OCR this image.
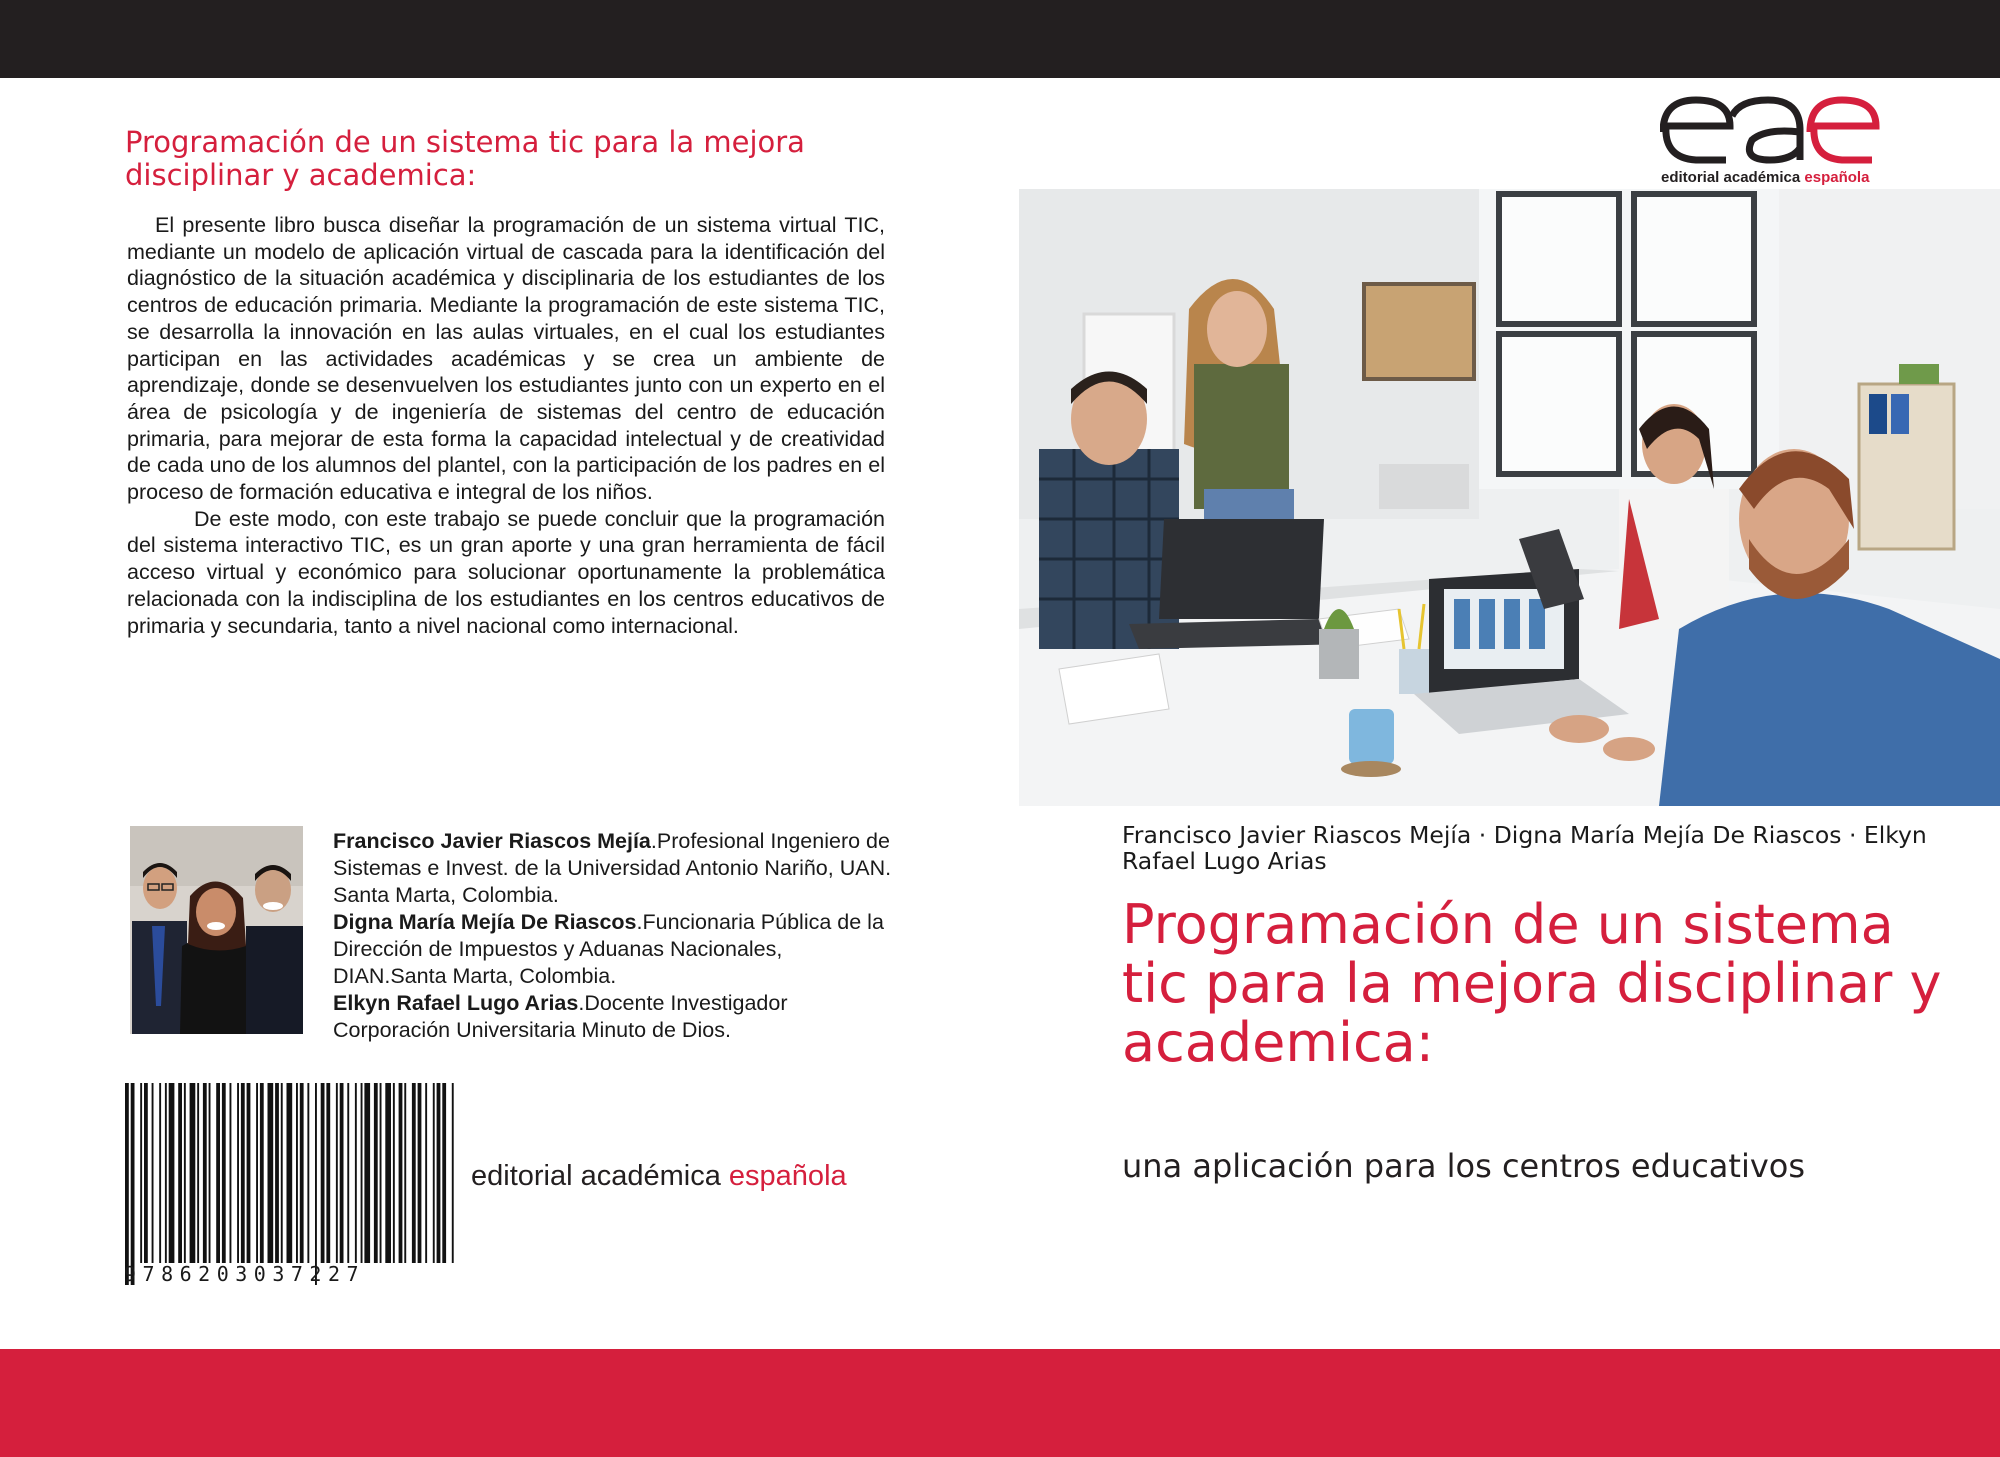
Programación de un sistema tic para la mejora disciplinar y academica:

El presente libro busca diseñar la programación de un sistema virtual TIC, mediante un modelo de aplicación virtual de cascada para la identificación del diagnóstico de la situación académica y disciplinaria de los estudiantes de los centros de educación primaria. Mediante la programación de este sistema TIC, se desarrolla la innovación en las aulas virtuales, en el cual los estudiantes participan en las actividades académicas y se crea un ambiente de aprendizaje, donde se desenvuelven los estudiantes junto con un experto en el área de psicología y de ingeniería de sistemas del centro de educación primaria, para mejorar de esta forma la capacidad intelectual y de creatividad de cada uno de los alumnos del plantel, con la participación de los padres en el proceso de formación educativa e integral de los niños.

De este modo, con este trabajo se puede concluir que la programación del sistema interactivo TIC, es un gran aporte y una gran herramienta de fácil acceso virtual y económico para solucionar oportunamente la problemática relacionada con la indisciplina de los estudiantes en los centros educativos de primaria y secundaria, tanto a nivel nacional como internacional.

Francisco Javier Riascos Mejía.Profesional Ingeniero de Sistemas e Invest. de la Universidad Antonio Nariño, UAN. Santa Marta, Colombia.

Digna María Mejía De Riascos.Funcionaria Pública de la Dirección de Impuestos y Aduanas Nacionales, DIAN.Santa Marta, Colombia.

Elkyn Rafael Lugo Arias.Docente Investigador Corporación Universitaria Minuto de Dios.

9786203037227
editorial académica española
editorial académica española
Francisco Javier Riascos Mejía · Digna María Mejía De Riascos · Elkyn Rafael Lugo Arias
Programación de un sistema tic para la mejora disciplinar y academica:
una aplicación para los centros educativos
